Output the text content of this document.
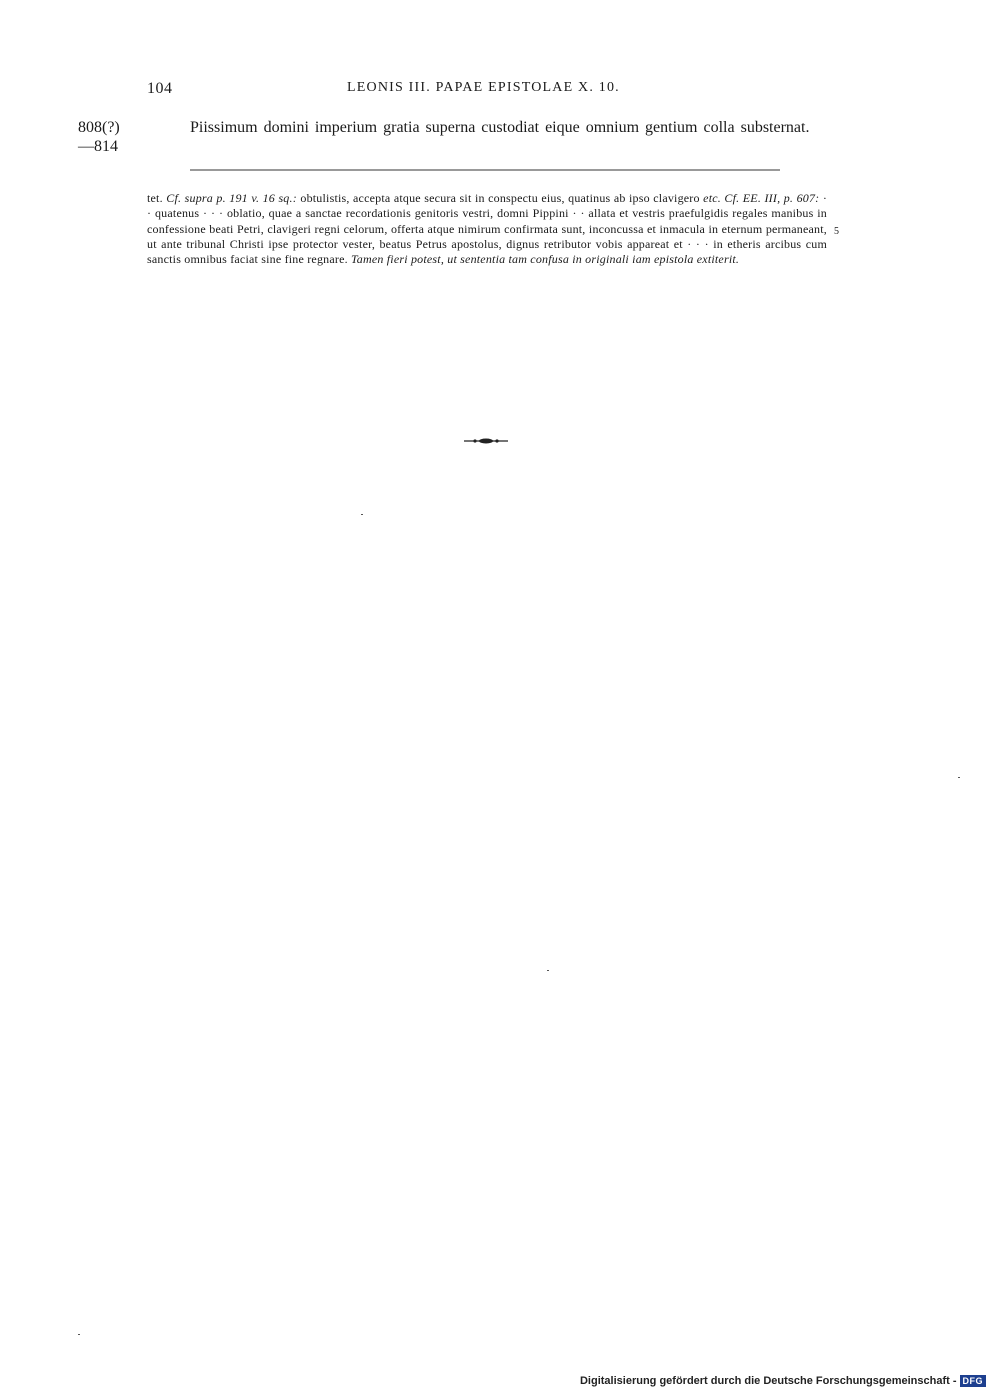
104	LEONIS III. PAPAE EPISTOLAE X. 10.
808(?)
—814
Piissimum domini imperium gratia superna custodiat eique omnium gentium colla substernat.
tet. Cf. supra p. 191 v. 16 sq.: obtulistis, accepta atque secura sit in conspectu eius, quatinus ab ipso clavigero etc. Cf. EE. III, p. 607: · · quatenus · · · oblatio, quae a sanctae recordationis genitoris vestri, domni Pippini · · allata et vestris praefulgidis regales manibus in confessione beati Petri, clavigeri regni celorum, offerta atque nimirum confirmata sunt, inconcussa et inmacula in eternum permaneant, ut ante tribunal Christi ipse protector vester, beatus Petrus apostolus, dignus retributor vobis appareat et · · · in etheris arcibus cum sanctis omnibus faciat sine fine regnare. Tamen fieri potest, ut sententia tam confusa in originali iam epistola extiterit.
5
Digitalisierung gefördert durch die Deutsche Forschungsgemeinschaft - DFG
